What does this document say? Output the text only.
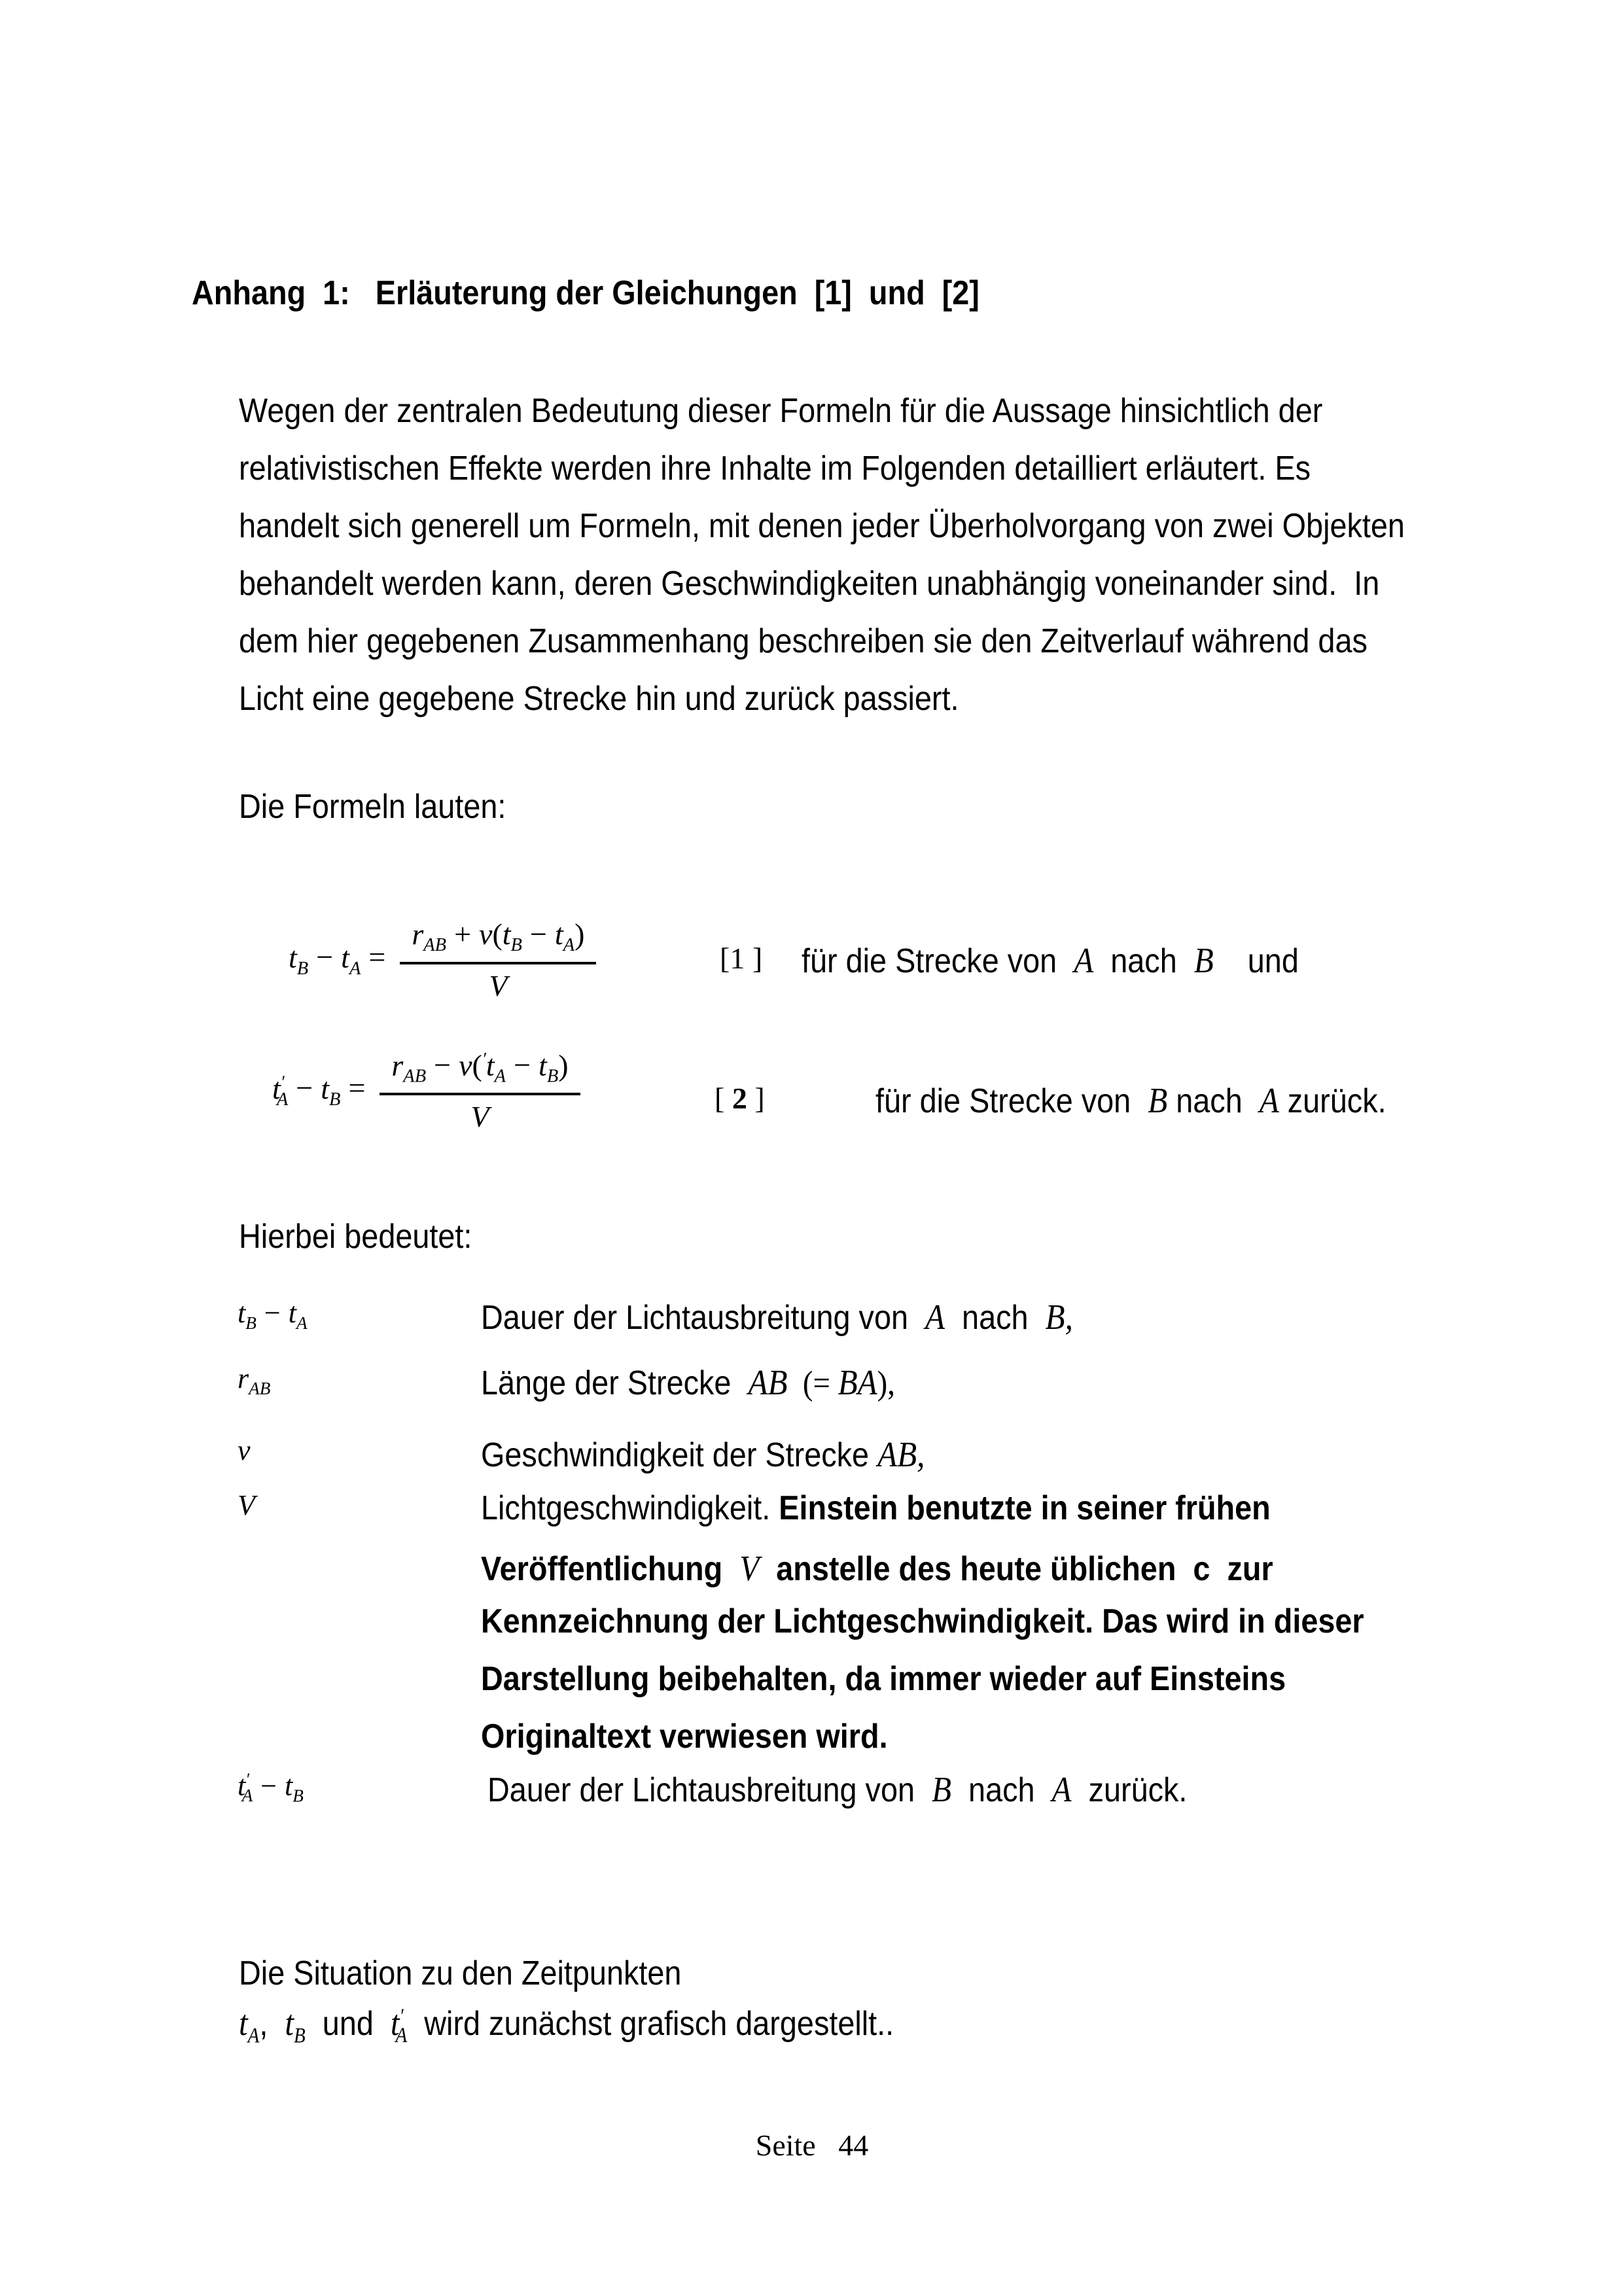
Anhang  1:   Erläuterung der Gleichungen  [1]  und  [2]
Wegen der zentralen Bedeutung dieser Formeln für die Aussage hinsichtlich der
relativistischen Effekte werden ihre Inhalte im Folgenden detailliert erläutert. Es
handelt sich generell um Formeln, mit denen jeder Überholvorgang von zwei Objekten
behandelt werden kann, deren Geschwindigkeiten unabhängig voneinander sind.  In
dem hier gegebenen Zusammenhang beschreiben sie den Zeitverlauf während das
Licht eine gegebene Strecke hin und zurück passiert.
Die Formeln lauten:

$t_B - t_A = \frac{r_{AB} + v(t_B - t_A)}{V}$

	[1 ] für die Strecke von  A  nach  B    und

$t'_A - t_B = \frac{r_{AB} - v('t_A - t_B)}{V}$

	[ 2 ]	für die Strecke von  B nach  A zurück.
Hierbei bedeutet:
$t_B - t_A$	Dauer der Lichtausbreitung von  A  nach  B,
$r_{AB}$	Länge der Strecke  AB  (= BA),
v	Geschwindigkeit der Strecke AB,
V	Lichtgeschwindigkeit. Einstein benutzte in seiner frühen
Veröffentlichung  V  anstelle des heute üblichen  c  zur
Kennzeichnung der Lichtgeschwindigkeit. Das wird in dieser
Darstellung beibehalten, da immer wieder auf Einsteins
Originaltext verwiesen wird.
$t'_A - t_B$	Dauer der Lichtausbreitung von  B  nach  A  zurück.
Die Situation zu den Zeitpunkten
$t_A$,  $t_B$  und  $t'_A$  wird zunächst grafisch dargestellt..
Seite 44
